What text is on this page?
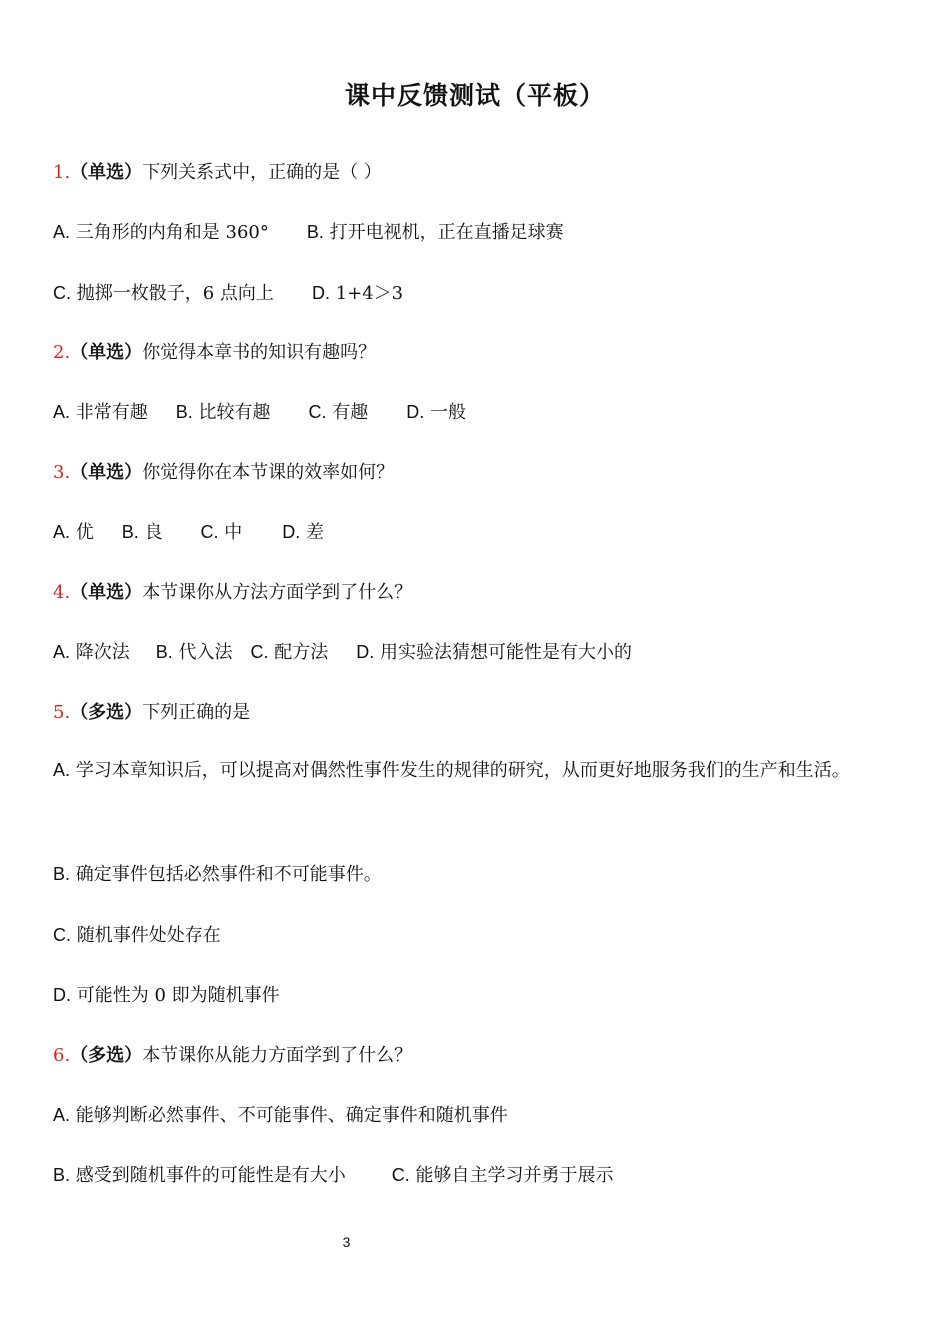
课中反馈测试（平板）
1.（单选）下列关系式中，正确的是（ ）
A. 三角形的内角和是 360° B. 打开电视机，正在直播足球赛
C. 抛掷一枚骰子，6 点向上 D. 1+4＞3
2.（单选）你觉得本章书的知识有趣吗？
A. 非常有趣 B. 比较有趣 C. 有趣 D. 一般
3.（单选）你觉得你在本节课的效率如何？
A. 优 B. 良 C. 中 D. 差
4.（单选）本节课你从方法方面学到了什么？
A. 降次法 B. 代入法 C. 配方法 D. 用实验法猜想可能性是有大小的
5.（多选）下列正确的是
A. 学习本章知识后，可以提高对偶然性事件发生的规律的研究，从而更好地服务我们的生产和生活。
B. 确定事件包括必然事件和不可能事件。
C. 随机事件处处存在
D. 可能性为 0 即为随机事件
6.（多选）本节课你从能力方面学到了什么？
A. 能够判断必然事件、不可能事件、确定事件和随机事件
B. 感受到随机事件的可能性是有大小	C. 能够自主学习并勇于展示
3
